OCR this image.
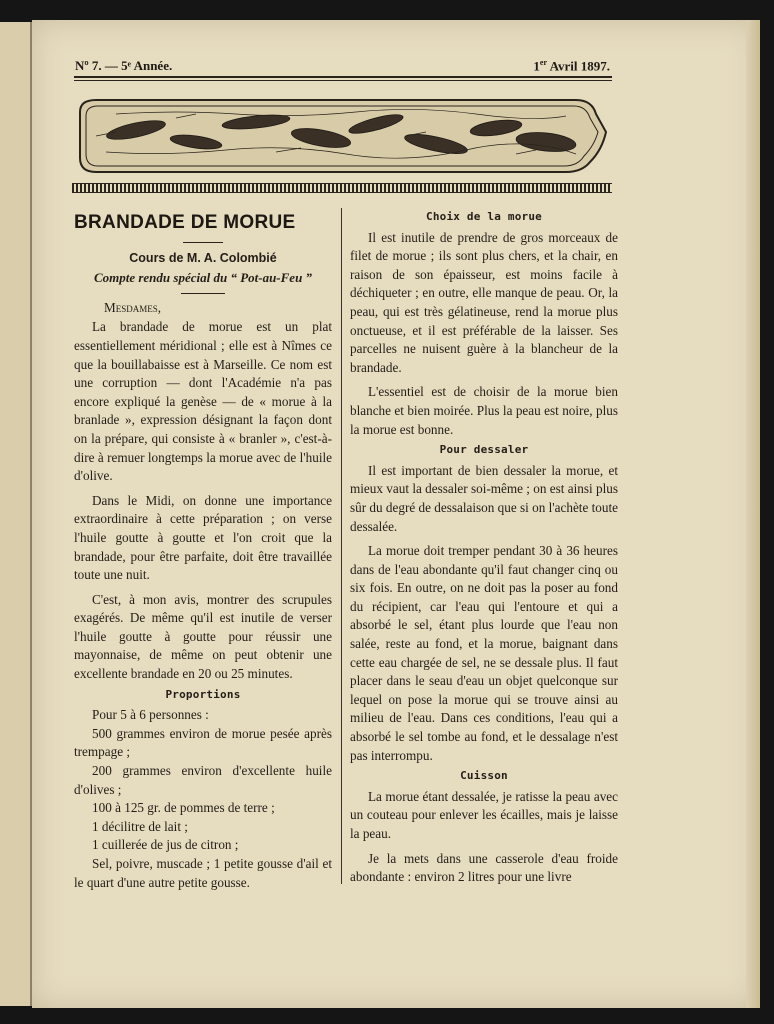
Nº 7. — 5ᵉ Année.	1er Avril 1897.
BRANDADE DE MORUE

Cours de M. A. Colombié

Compte rendu spécial du “ Pot-au-Feu ”

Mesdames,

La brandade de morue est un plat essentiellement méridional ; elle est à Nîmes ce que la bouillabaisse est à Marseille. Ce nom est une corruption — dont l'Académie n'a pas encore expliqué la genèse — de « morue à la branlade », expression désignant la façon dont on la prépare, qui consiste à « branler », c'est-à-dire à remuer longtemps la morue avec de l'huile d'olive.

Dans le Midi, on donne une importance extraordinaire à cette préparation ; on verse l'huile goutte à goutte et l'on croit que la brandade, pour être parfaite, doit être travaillée toute une nuit.

C'est, à mon avis, montrer des scrupules exagérés. De même qu'il est inutile de verser l'huile goutte à goutte pour réussir une mayonnaise, de même on peut obtenir une excellente brandade en 20 ou 25 minutes.

Proportions

Pour 5 à 6 personnes :

500 grammes environ de morue pesée après trempage ;

200 grammes environ d'excellente huile d'olives ;

100 à 125 gr. de pommes de terre ;

1 décilitre de lait ;

1 cuillerée de jus de citron ;

Sel, poivre, muscade ; 1 petite gousse d'ail et le quart d'une autre petite gousse.

Choix de la morue

Il est inutile de prendre de gros morceaux de filet de morue ; ils sont plus chers, et la chair, en raison de son épaisseur, est moins facile à déchiqueter ; en outre, elle manque de peau. Or, la peau, qui est très gélatineuse, rend la morue plus onctueuse, et il est préférable de la laisser. Ses parcelles ne nuisent guère à la blancheur de la brandade.

L'essentiel est de choisir de la morue bien blanche et bien moirée. Plus la peau est noire, plus la morue est bonne.

Pour dessaler

Il est important de bien dessaler la morue, et mieux vaut la dessaler soi-même ; on est ainsi plus sûr du degré de dessalaison que si on l'achète toute dessalée.

La morue doit tremper pendant 30 à 36 heures dans de l'eau abondante qu'il faut changer cinq ou six fois. En outre, on ne doit pas la poser au fond du récipient, car l'eau qui l'entoure et qui a absorbé le sel, étant plus lourde que l'eau non salée, reste au fond, et la morue, baignant dans cette eau chargée de sel, ne se dessale plus. Il faut placer dans le seau d'eau un objet quelconque sur lequel on pose la morue qui se trouve ainsi au milieu de l'eau. Dans ces conditions, l'eau qui a absorbé le sel tombe au fond, et le dessalage n'est pas interrompu.

Cuisson

La morue étant dessalée, je ratisse la peau avec un couteau pour enlever les écailles, mais je laisse la peau.

Je la mets dans une casserole d'eau froide abondante : environ 2 litres pour une livre
